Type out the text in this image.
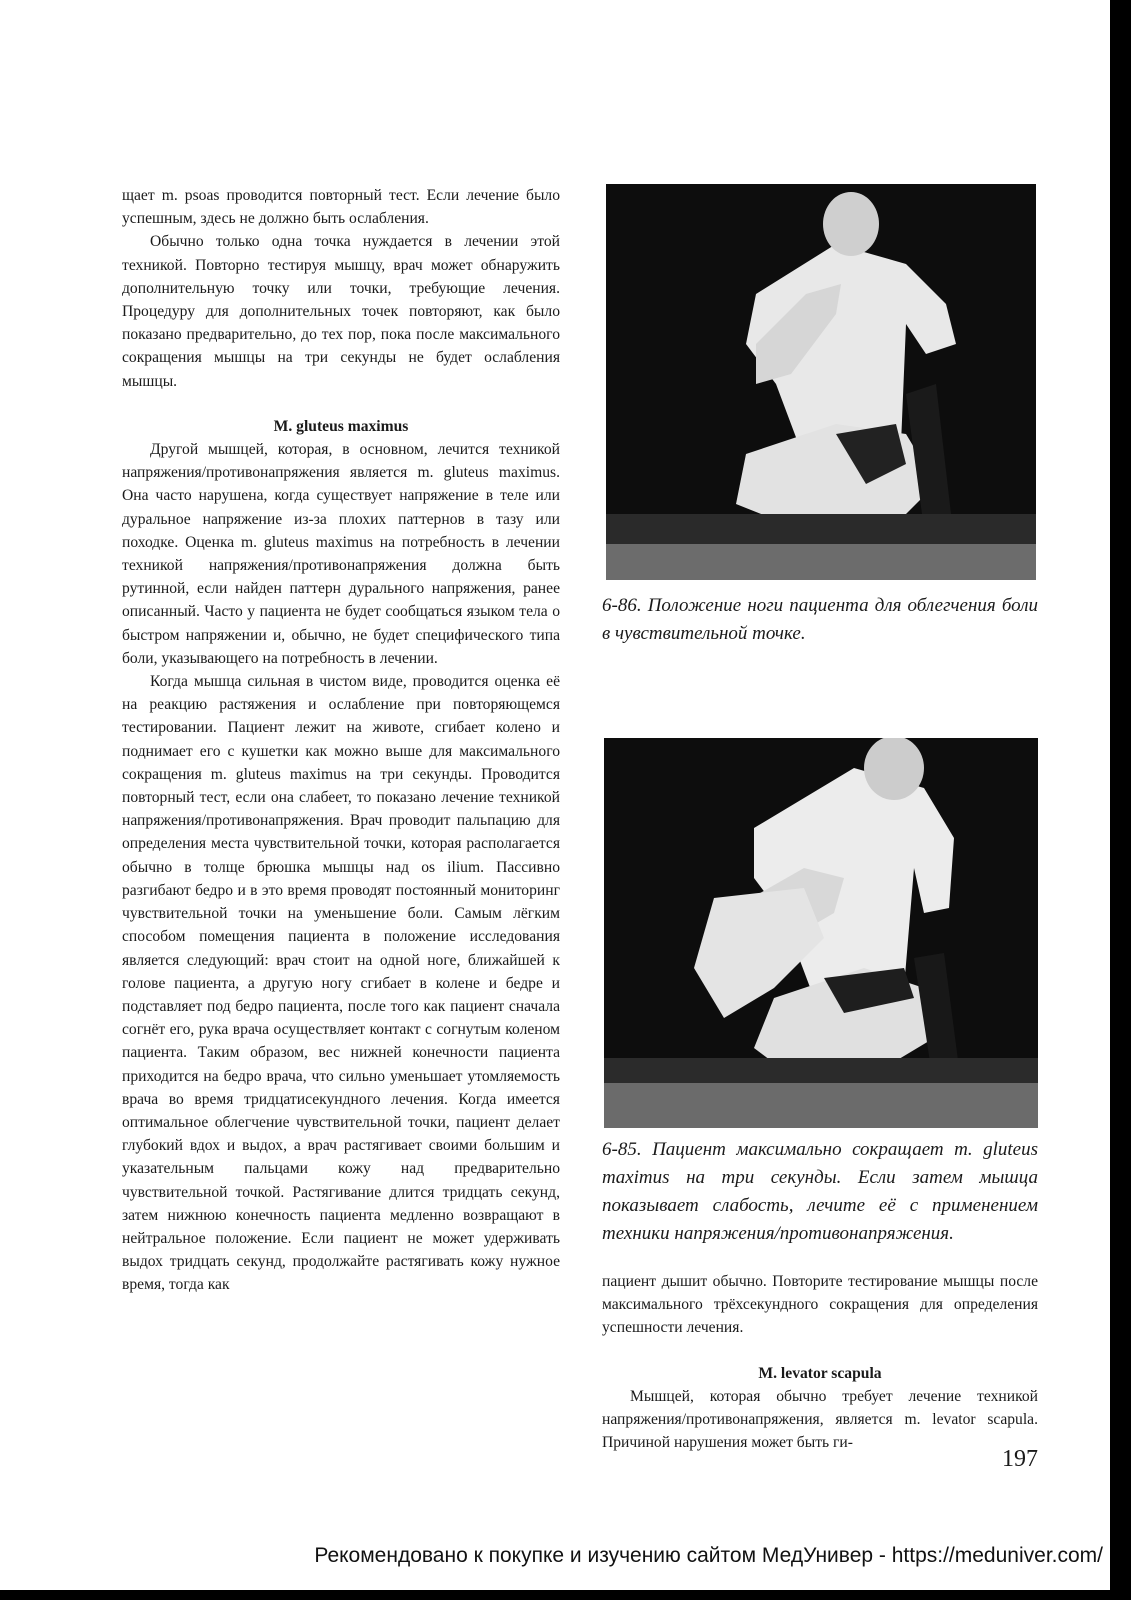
щает m. psoas проводится повторный тест. Если лечение было успешным, здесь не должно быть ослабления.

Обычно только одна точка нуждается в лечении этой техникой. Повторно тестируя мышцу, врач может обнаружить дополнительную точку или точки, требующие лечения. Процедуру для дополнительных точек повторяют, как было показано предварительно, до тех пор, пока после максимального сокращения мышцы на три секунды не будет ослабления мышцы.

M. gluteus maximus

Другой мышцей, которая, в основном, лечится техникой напряжения/противонапряжения является m. gluteus maximus. Она часто нарушена, когда существует напряжение в теле или дуральное напряжение из-за плохих паттернов в тазу или походке. Оценка m. gluteus maximus на потребность в лечении техникой напряжения/противонапряжения должна быть рутинной, если найден паттерн дурального напряжения, ранее описанный. Часто у пациента не будет сообщаться языком тела о быстром напряжении и, обычно, не будет специфического типа боли, указывающего на потребность в лечении.

Когда мышца сильная в чистом виде, проводится оценка её на реакцию растяжения и ослабление при повторяющемся тестировании. Пациент лежит на животе, сгибает колено и поднимает его с кушетки как можно выше для максимального сокращения m. gluteus maximus на три секунды. Проводится повторный тест, если она слабеет, то показано лечение техникой напряжения/противонапряжения. Врач проводит пальпацию для определения места чувствительной точки, которая располагается обычно в толще брюшка мышцы над os ilium. Пассивно разгибают бедро и в это время проводят постоянный мониторинг чувствительной точки на уменьшение боли. Самым лёгким способом помещения пациента в положение исследования является следующий: врач стоит на одной ноге, ближайшей к голове пациента, а другую ногу сгибает в колене и бедре и подставляет под бедро пациента, после того как пациент сначала согнёт его, рука врача осуществляет контакт с согнутым коленом пациента. Таким образом, вес нижней конечности пациента приходится на бедро врача, что сильно уменьшает утомляемость врача во время тридцатисекундного лечения. Когда имеется оптимальное облегчение чувствительной точки, пациент делает глубокий вдох и выдох, а врач растягивает своими большим и указательным пальцами кожу над предварительно чувствительной точкой. Растягивание длится тридцать секунд, затем нижнюю конечность пациента медленно возвращают в нейтральное положение. Если пациент не может удерживать выдох тридцать секунд, продолжайте растягивать кожу нужное время, тогда как

6-86. Положение ноги пациента для облегчения боли в чувствительной точке.

6-85. Пациент максимально сокращает m. gluteus maximus на три секунды. Если затем мышца показывает слабость, лечите её с применением техники напряжения/противонапряжения.

пациент дышит обычно. Повторите тестирование мышцы после максимального трёхсекундного сокращения для определения успешности лечения.

M. levator scapula

Мышцей, которая обычно требует лечение техникой напряжения/противонапряжения, является m. levator scapula. Причиной нарушения может быть ги-

197
Рекомендовано к покупке и изучению сайтом МедУнивер - https://meduniver.com/
